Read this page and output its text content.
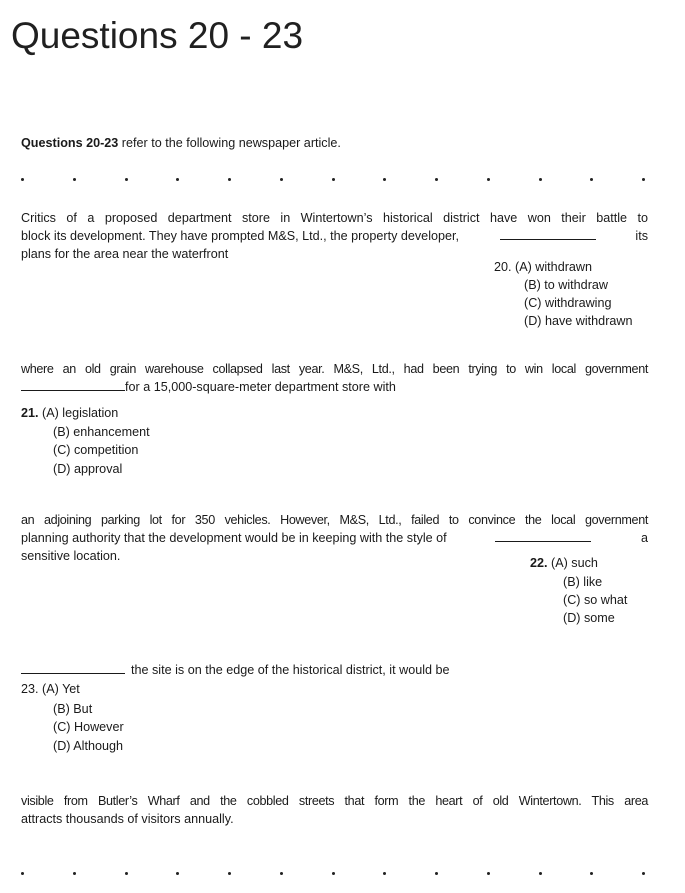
Questions 20 - 23
Questions 20-23 refer to the following newspaper article.
Critics of a proposed department store in Wintertown’s historical district have won their battle to
block its development. They have prompted M&S, Ltd., the property developer,	its
plans for the area near the waterfront
20. (A) withdrawn
(B) to withdraw
(C) withdrawing
(D) have withdrawn
where an old grain warehouse collapsed last year. M&S, Ltd., had been trying to win local government
for a 15,000-square-meter department store with
21. (A) legislation
(B) enhancement
(C) competition
(D) approval
an adjoining parking lot for 350 vehicles. However, M&S, Ltd., failed to convince the local government
planning authority that the development would be in keeping with the style of	a
sensitive location.	22. (A) such
(B) like
(C) so what
(D) some
the site is on the edge of the historical district, it would be
23. (A) Yet
(B) But
(C) However
(D) Although
visible from Butler’s Wharf and the cobbled streets that form the heart of old Wintertown. This area
attracts thousands of visitors annually.
